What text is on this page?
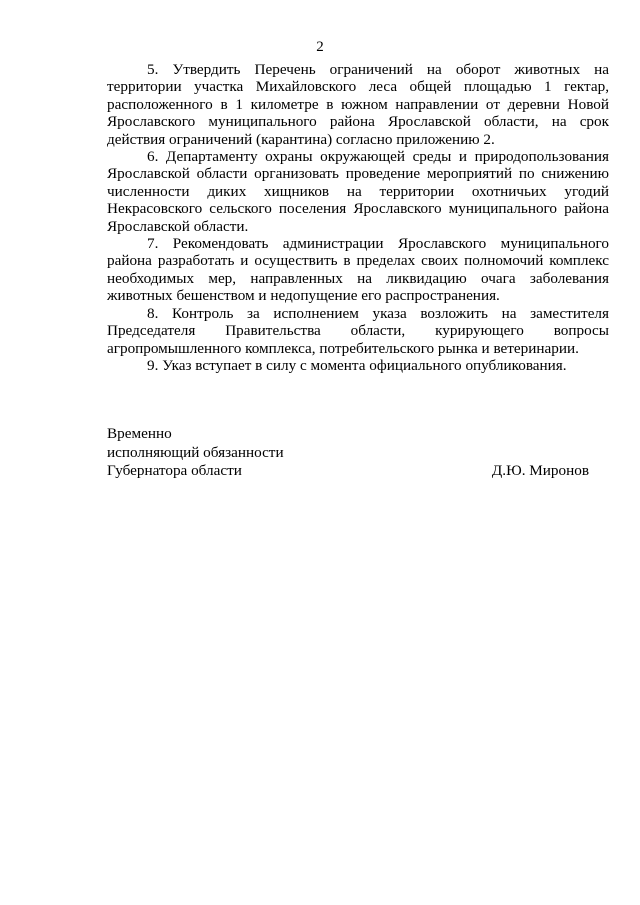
2

5. Утвердить Перечень ограничений на оборот животных на территории участка Михайловского леса общей площадью 1 гектар, расположенного в 1 километре в южном направлении от деревни Новой Ярославского муниципального района Ярославской области, на срок действия ограничений (карантина) согласно приложению 2.

6. Департаменту охраны окружающей среды и природопользования Ярославской области организовать проведение мероприятий по снижению численности диких хищников на территории охотничьих угодий Некрасовского сельского поселения Ярославского муниципального района Ярославской области.

7. Рекомендовать администрации Ярославского муниципального района разработать и осуществить в пределах своих полномочий комплекс необходимых мер, направленных на ликвидацию очага заболевания животных бешенством и недопущение его распространения.

8. Контроль за исполнением указа возложить на заместителя Председателя Правительства области, курирующего вопросы агропромышленного комплекса, потребительского рынка и ветеринарии.

9. Указ вступает в силу с момента официального опубликования.

Временно
исполняющий обязанности
Губернатора области	Д.Ю. Миронов
